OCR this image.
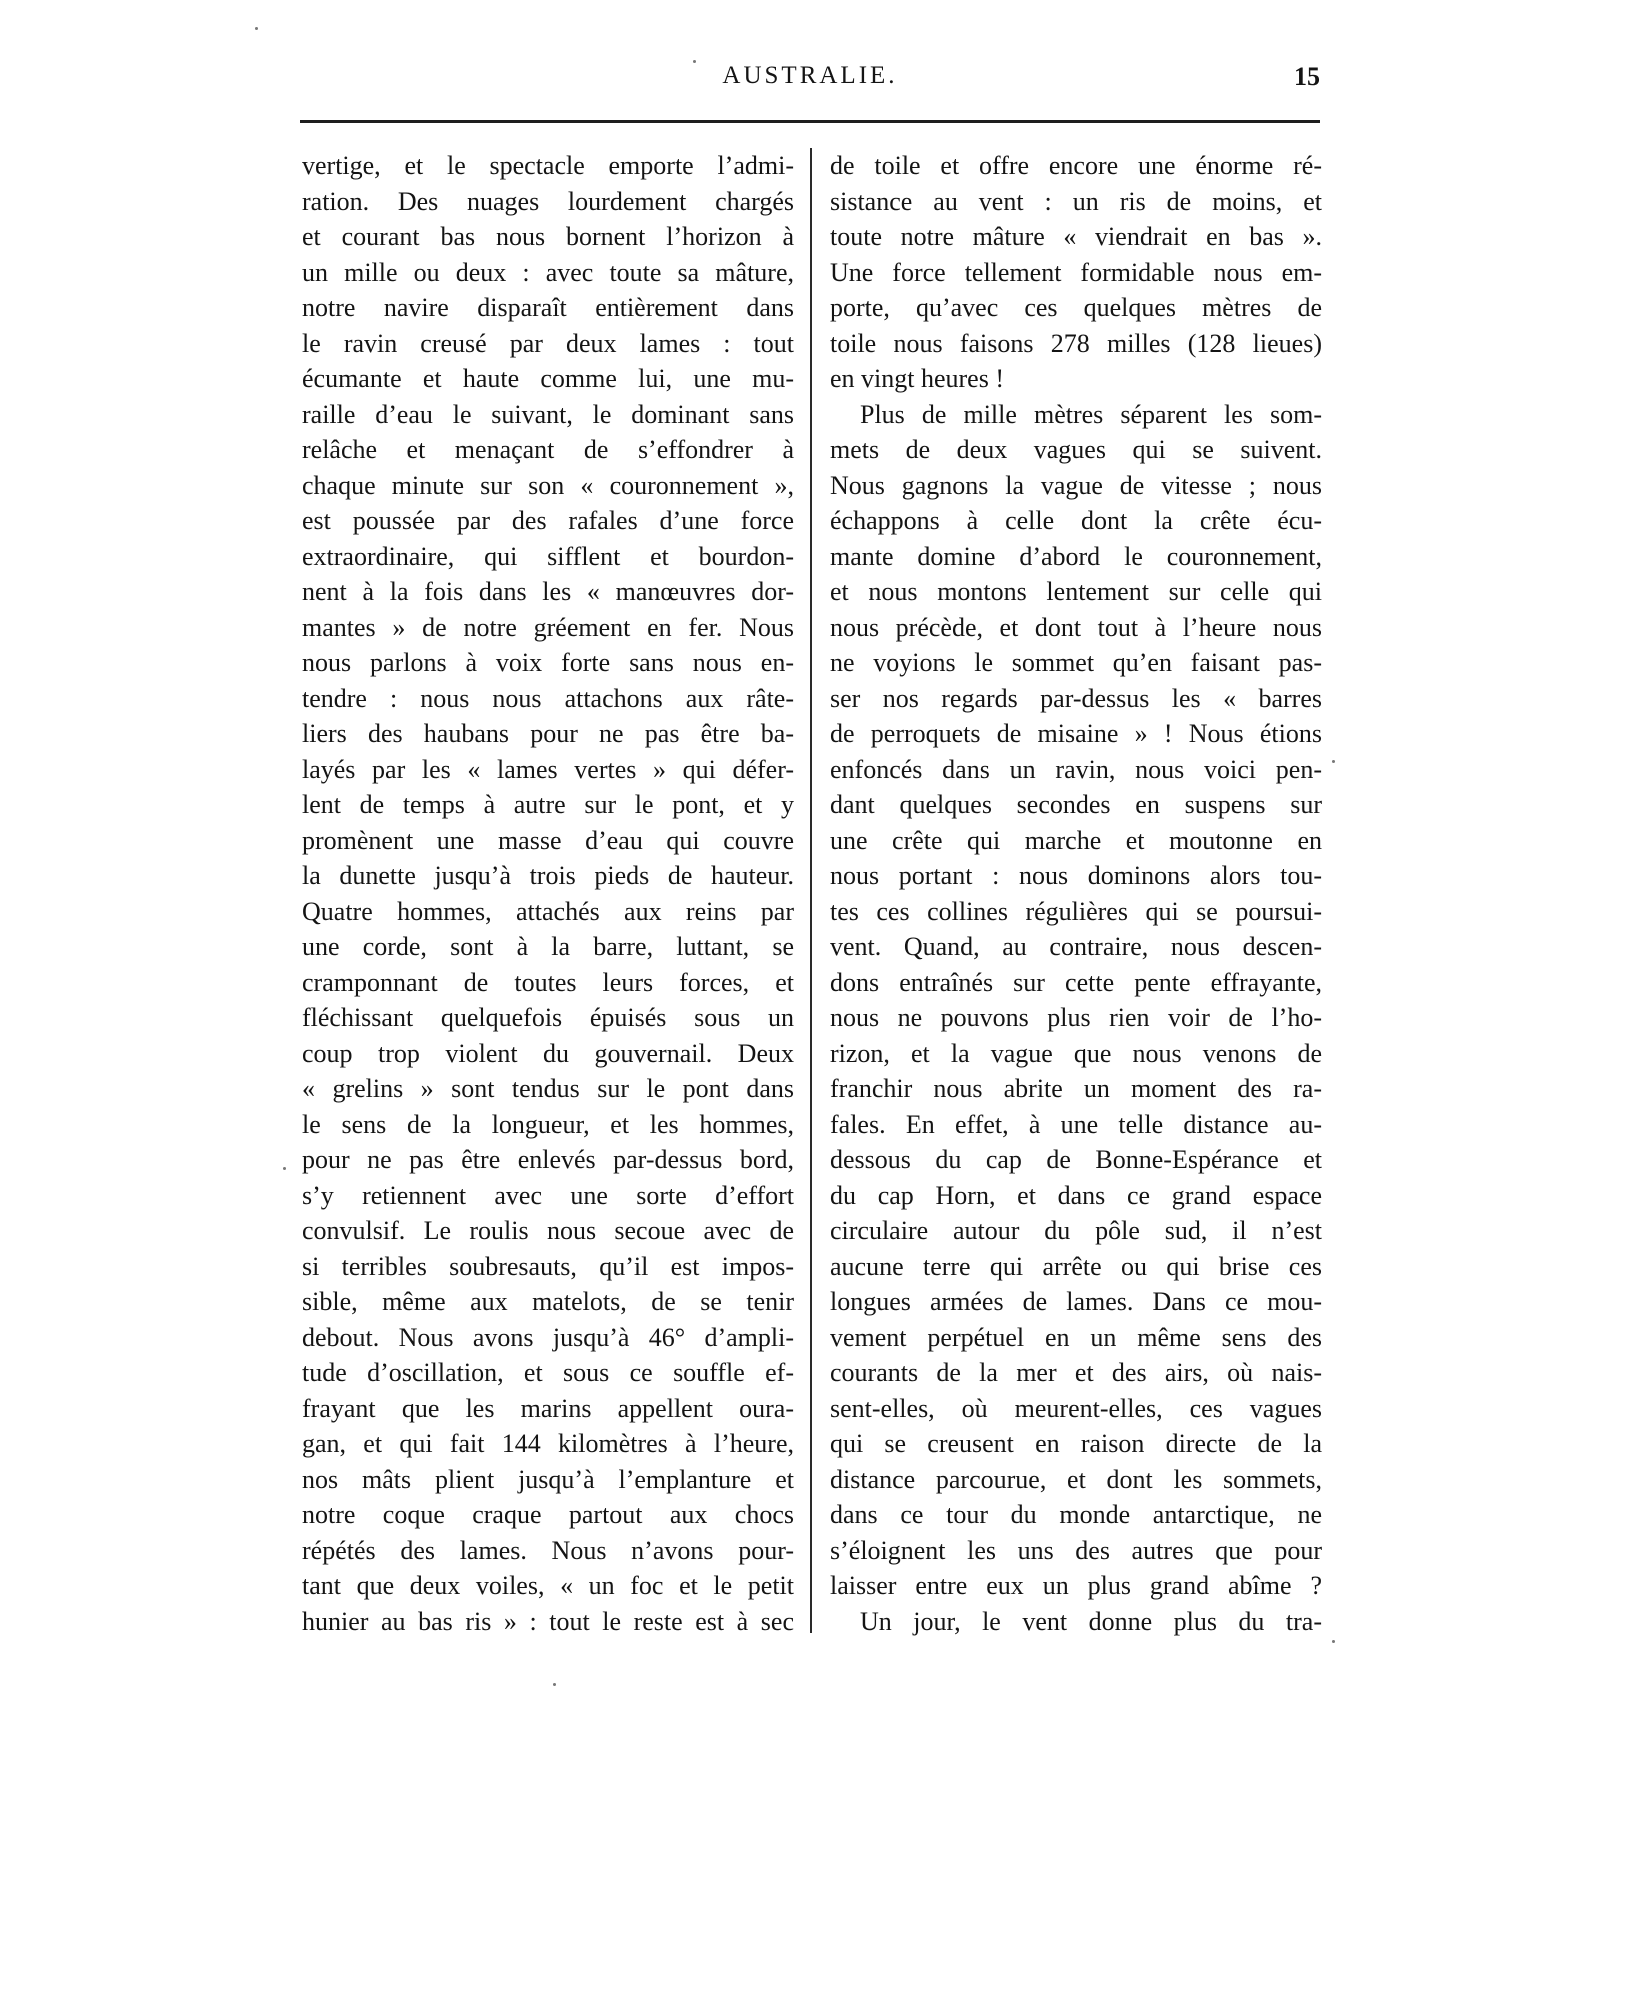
AUSTRALIE.	15
vertige, et le spectacle emporte l’admi-
ration. Des nuages lourdement chargés
et courant bas nous bornent l’horizon à
un mille ou deux : avec toute sa mâture,
notre navire disparaît entièrement dans
le ravin creusé par deux lames : tout
écumante et haute comme lui, une mu-
raille d’eau le suivant, le dominant sans
relâche et menaçant de s’effondrer à
chaque minute sur son « couronnement »,
est poussée par des rafales d’une force
extraordinaire, qui sifflent et bourdon-
nent à la fois dans les « manœuvres dor-
mantes » de notre gréement en fer. Nous
nous parlons à voix forte sans nous en-
tendre : nous nous attachons aux râte-
liers des haubans pour ne pas être ba-
layés par les « lames vertes » qui défer-
lent de temps à autre sur le pont, et y
promènent une masse d’eau qui couvre
la dunette jusqu’à trois pieds de hauteur.
Quatre hommes, attachés aux reins par
une corde, sont à la barre, luttant, se
cramponnant de toutes leurs forces, et
fléchissant quelquefois épuisés sous un
coup trop violent du gouvernail. Deux
« grelins » sont tendus sur le pont dans
le sens de la longueur, et les hommes,
pour ne pas être enlevés par-dessus bord,
s’y retiennent avec une sorte d’effort
convulsif. Le roulis nous secoue avec de
si terribles soubresauts, qu’il est impos-
sible, même aux matelots, de se tenir
debout. Nous avons jusqu’à 46° d’ampli-
tude d’oscillation, et sous ce souffle ef-
frayant que les marins appellent oura-
gan, et qui fait 144 kilomètres à l’heure,
nos mâts plient jusqu’à l’emplanture et
notre coque craque partout aux chocs
répétés des lames. Nous n’avons pour-
tant que deux voiles, « un foc et le petit
hunier au bas ris » : tout le reste est à sec
de toile et offre encore une énorme ré-
sistance au vent : un ris de moins, et
toute notre mâture « viendrait en bas ».
Une force tellement formidable nous em-
porte, qu’avec ces quelques mètres de
toile nous faisons 278 milles (128 lieues)
en vingt heures !
Plus de mille mètres séparent les som-
mets de deux vagues qui se suivent.
Nous gagnons la vague de vitesse ; nous
échappons à celle dont la crête écu-
mante domine d’abord le couronnement,
et nous montons lentement sur celle qui
nous précède, et dont tout à l’heure nous
ne voyions le sommet qu’en faisant pas-
ser nos regards par-dessus les « barres
de perroquets de misaine » ! Nous étions
enfoncés dans un ravin, nous voici pen-
dant quelques secondes en suspens sur
une crête qui marche et moutonne en
nous portant : nous dominons alors tou-
tes ces collines régulières qui se poursui-
vent. Quand, au contraire, nous descen-
dons entraînés sur cette pente effrayante,
nous ne pouvons plus rien voir de l’ho-
rizon, et la vague que nous venons de
franchir nous abrite un moment des ra-
fales. En effet, à une telle distance au-
dessous du cap de Bonne-Espérance et
du cap Horn, et dans ce grand espace
circulaire autour du pôle sud, il n’est
aucune terre qui arrête ou qui brise ces
longues armées de lames. Dans ce mou-
vement perpétuel en un même sens des
courants de la mer et des airs, où nais-
sent-elles, où meurent-elles, ces vagues
qui se creusent en raison directe de la
distance parcourue, et dont les sommets,
dans ce tour du monde antarctique, ne
s’éloignent les uns des autres que pour
laisser entre eux un plus grand abîme ?
Un jour, le vent donne plus du tra-
